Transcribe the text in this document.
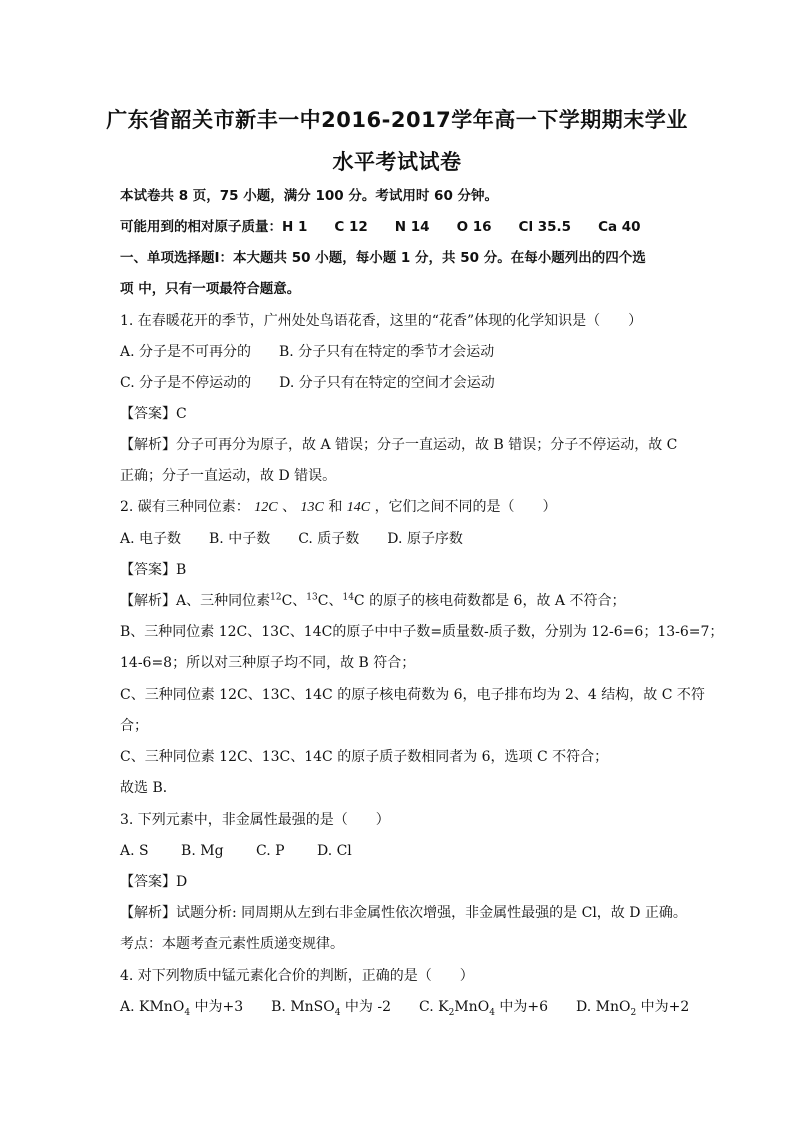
广东省韶关市新丰一中2016-2017学年高一下学期期末学业
水平考试试卷
本试卷共 8 页，75 小题，满分 100 分。考试用时 60 分钟。
可能用到的相对原子质量：H 1　　C 12　　N 14　　O 16　　Cl 35.5　　Ca 40
一、单项选择题Ⅰ：本大题共 50 小题，每小题 1 分，共 50 分。在每小题列出的四个选
项 中，只有一项最符合题意。
1. 在春暖花开的季节，广州处处鸟语花香，这里的“花香”体现的化学知识是（　　）
A. 分子是不可再分的　　B. 分子只有在特定的季节才会运动
C. 分子是不停运动的　　D. 分子只有在特定的空间才会运动
【答案】C
【解析】分子可再分为原子，故 A 错误；分子一直运动，故 B 错误；分子不停运动，故 C
正确；分子一直运动，故 D 错误。
2. 碳有三种同位素： 12C 、 13C 和 14C ，它们之间不同的是（　　）
A. 电子数　　B. 中子数　　C. 质子数　　D. 原子序数
【答案】B
【解析】A、三种同位素$^{12}$C、$^{13}$C、$^{14}$C 的原子的核电荷数都是 6，故 A 不符合；
B、三种同位素 12C、13C、14C的原子中中子数=质量数-质子数，分别为 12-6=6；13-6=7；
14-6=8；所以对三种原子均不同，故 B 符合；
C、三种同位素 12C、13C、14C 的原子核电荷数为 6，电子排布均为 2、4 结构，故 C 不符
合；
C、三种同位素 12C、13C、14C 的原子质子数相同者为 6，选项 C 不符合；
故选 B．
3. 下列元素中，非金属性最强的是（　　）
A. S　　 B. Mg　　 C. P　　 D. Cl
【答案】D
【解析】试题分析: 同周期从左到右非金属性依次增强，非金属性最强的是 Cl，故 D 正确。
考点：本题考查元素性质递变规律。
4. 对下列物质中锰元素化合价的判断，正确的是（　　）
A. KMnO$_4$ 中为+3　　B. MnSO$_4$ 中为 -2　　C. $K_2MnO_4$ 中为+6　　D. MnO$_2$ 中为+2
